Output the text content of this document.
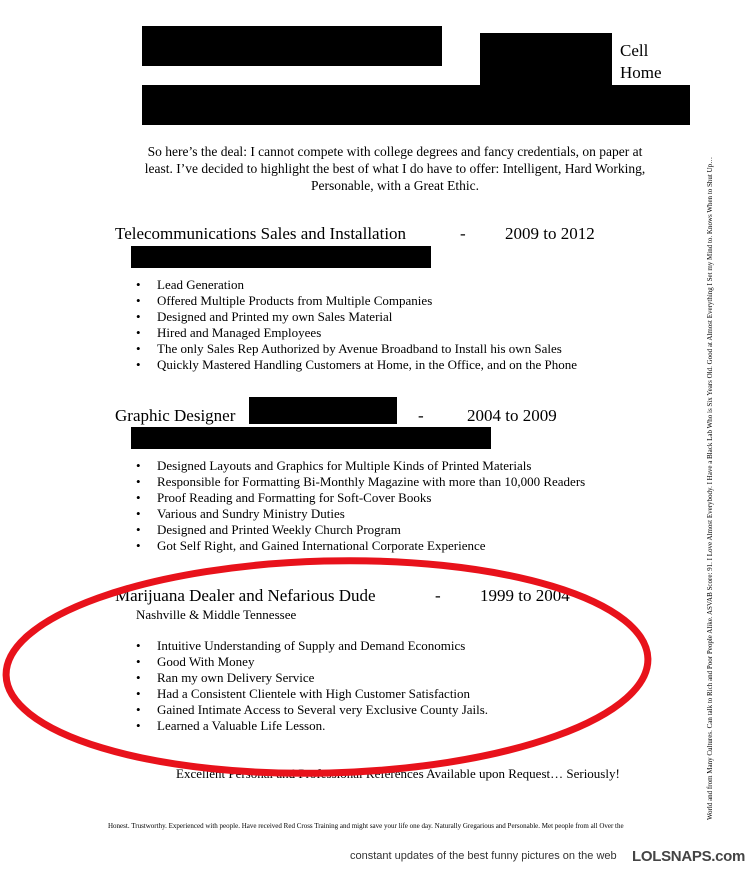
Cell
Home
So here’s the deal: I cannot compete with college degrees and fancy credentials, on paper at least. I’ve decided to highlight the best of what I do have to offer: Intelligent, Hard Working, Personable, with a Great Ethic.
Telecommunications Sales and Installation	- 2009 to 2012
• Lead Generation
• Offered Multiple Products from Multiple Companies
• Designed and Printed my own Sales Material
• Hired and Managed Employees
• The only Sales Rep Authorized by Avenue Broadband to Install his own Sales
• Quickly Mastered Handling Customers at Home, in the Office, and on the Phone
Graphic Designer	-	2004 to 2009
• Designed Layouts and Graphics for Multiple Kinds of Printed Materials
• Responsible for Formatting Bi-Monthly Magazine with more than 10,000 Readers
• Proof Reading and Formatting for Soft-Cover Books
• Various and Sundry Ministry Duties
• Designed and Printed Weekly Church Program
• Got Self Right, and Gained International Corporate Experience
Marijuana Dealer and Nefarious Dude	- 1999 to 2004
Nashville & Middle Tennessee
• Intuitive Understanding of Supply and Demand Economics
• Good With Money
• Ran my own Delivery Service
• Had a Consistent Clientele with High Customer Satisfaction
• Gained Intimate Access to Several very Exclusive County Jails.
• Learned a Valuable Life Lesson.
Excellent Personal and Professional References Available upon Request… Seriously!
Honest. Trustworthy. Experienced with people. Have received Red Cross Training and might save your life one day. Naturally Gregarious and Personable. Met people from all Over the
World and from Many Cultures. Can talk to Rich and Poor People Alike. ASVAB Score: 91. I Love Almost Everybody. I Have a Black Lab Who is Six Years Old. Good at Almost Everything I Set my Mind to. Knows When to Shut Up…
constant updates of the best funny pictures on the web LOLSNAPS.com
